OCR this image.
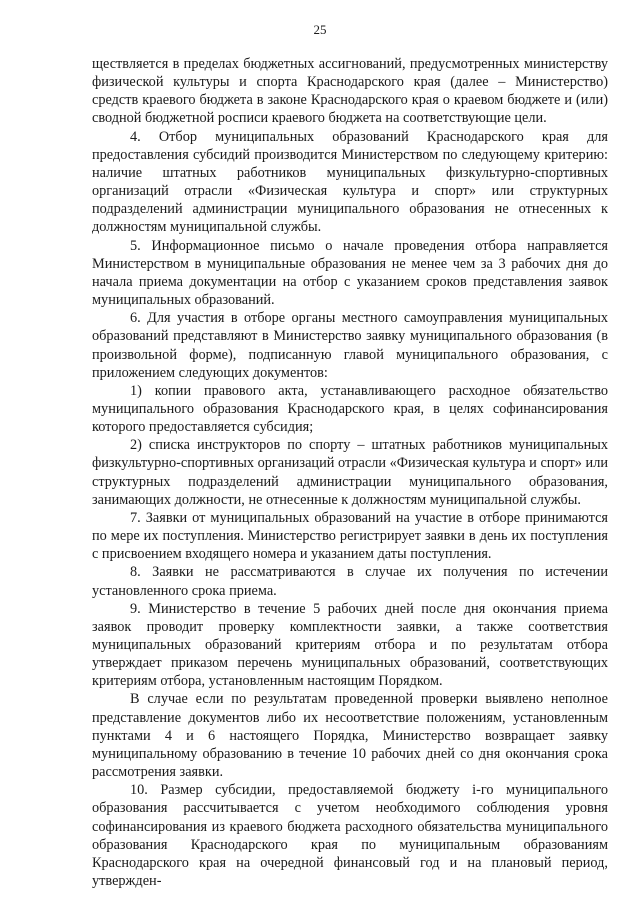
25

ществляется в пределах бюджетных ассигнований, предусмотренных министерству физической культуры и спорта Краснодарского края (далее – Министерство) средств краевого бюджета в законе Краснодарского края о краевом бюджете и (или) сводной бюджетной росписи краевого бюджета на соответствующие цели.

4. Отбор муниципальных образований Краснодарского края для предоставления субсидий производится Министерством по следующему критерию: наличие штатных работников муниципальных физкультурно-спортивных организаций отрасли «Физическая культура и спорт» или структурных подразделений администрации муниципального образования не отнесенных к должностям муниципальной службы.

5. Информационное письмо о начале проведения отбора направляется Министерством в муниципальные образования не менее чем за 3 рабочих дня до начала приема документации на отбор с указанием сроков представления заявок муниципальных образований.

6. Для участия в отборе органы местного самоуправления муниципальных образований представляют в Министерство заявку муниципального образования (в произвольной форме), подписанную главой муниципального образования, с приложением следующих документов:

1) копии правового акта, устанавливающего расходное обязательство муниципального образования Краснодарского края, в целях софинансирования которого предоставляется субсидия;

2) списка инструкторов по спорту – штатных работников муниципальных физкультурно-спортивных организаций отрасли «Физическая культура и спорт» или структурных подразделений администрации муниципального образования, занимающих должности, не отнесенные к должностям муниципальной службы.

7. Заявки от муниципальных образований на участие в отборе принимаются по мере их поступления. Министерство регистрирует заявки в день их поступления с присвоением входящего номера и указанием даты поступления.

8. Заявки не рассматриваются в случае их получения по истечении установленного срока приема.

9. Министерство в течение 5 рабочих дней после дня окончания приема заявок проводит проверку комплектности заявки, а также соответствия муниципальных образований критериям отбора и по результатам отбора утверждает приказом перечень муниципальных образований, соответствующих критериям отбора, установленным настоящим Порядком.

В случае если по результатам проведенной проверки выявлено неполное представление документов либо их несоответствие положениям, установленным пунктами 4 и 6 настоящего Порядка, Министерство возвращает заявку муниципальному образованию в течение 10 рабочих дней со дня окончания срока рассмотрения заявки.

10. Размер субсидии, предоставляемой бюджету i-го муниципального образования рассчитывается с учетом необходимого соблюдения уровня софинансирования из краевого бюджета расходного обязательства муниципального образования Краснодарского края по муниципальным образованиям Краснодарского края на очередной финансовый год и на плановый период, утвержден-
